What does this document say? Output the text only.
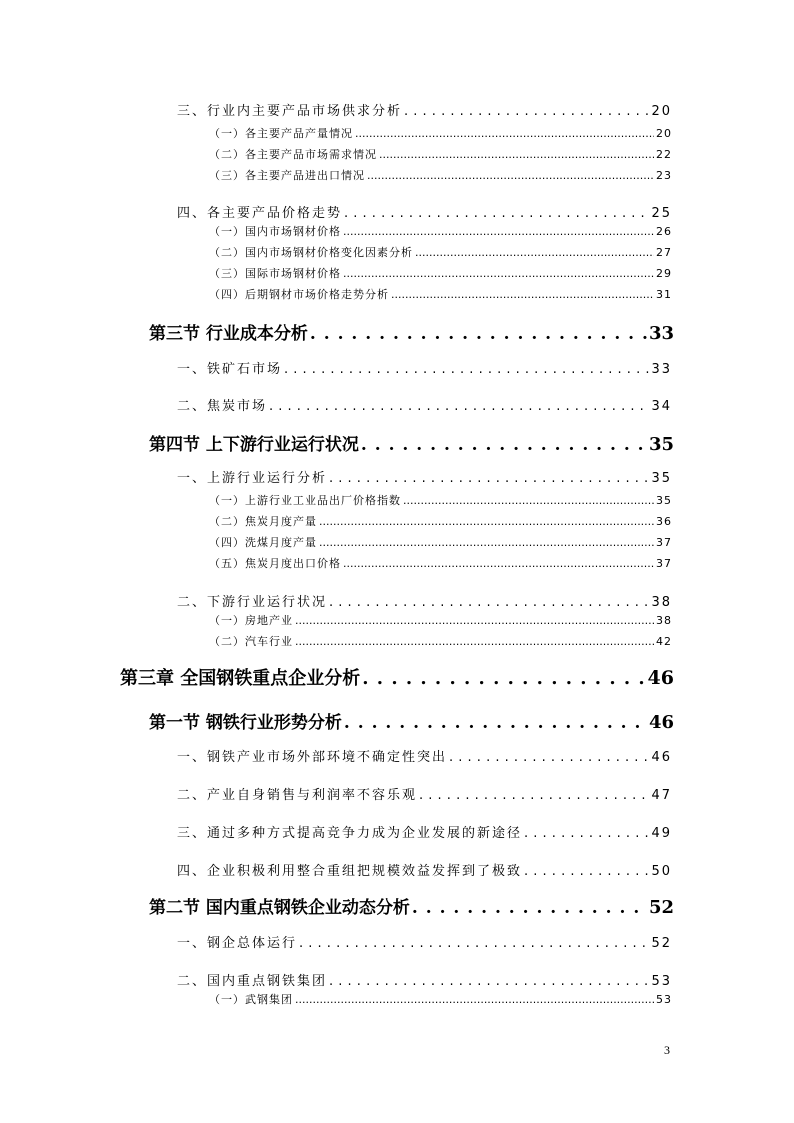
三、行业内主要产品市场供求分析 . . .	20
（一）各主要产品产量情况 .....	20
（二）各主要产品市场需求情况 .....	22
（三）各主要产品进出口情况 .....	23
四、各主要产品价格走势 . . .	25
（一）国内市场钢材价格 .....	26
（二）国内市场钢材价格变化因素分析 .....	27
（三）国际市场钢材价格 .....	29
（四）后期钢材市场价格走势分析 .....	31
第三节 行业成本分析 . . .	33
一、铁矿石市场 . . .	33
二、焦炭市场 . . .	34
第四节 上下游行业运行状况 . . .	35
一、上游行业运行分析 . . .	35
（一）上游行业工业品出厂价格指数 .....	35
（二）焦炭月度产量 .....	36
（四）洗煤月度产量 .....	37
（五）焦炭月度出口价格 .....	37
二、下游行业运行状况 . . .	38
（一）房地产业 .....	38
（二）汽车行业 .....	42
第三章 全国钢铁重点企业分析 . . .	46
第一节 钢铁行业形势分析 . . .	46
一、钢铁产业市场外部环境不确定性突出 . . .	46
二、产业自身销售与利润率不容乐观 . . .	47
三、通过多种方式提高竞争力成为企业发展的新途径 . . .	49
四、企业积极利用整合重组把规模效益发挥到了极致 . . .	50
第二节 国内重点钢铁企业动态分析 . . .	52
一、钢企总体运行 . . .	52
二、国内重点钢铁集团 . . .	53
（一）武钢集团 .....	53
3
